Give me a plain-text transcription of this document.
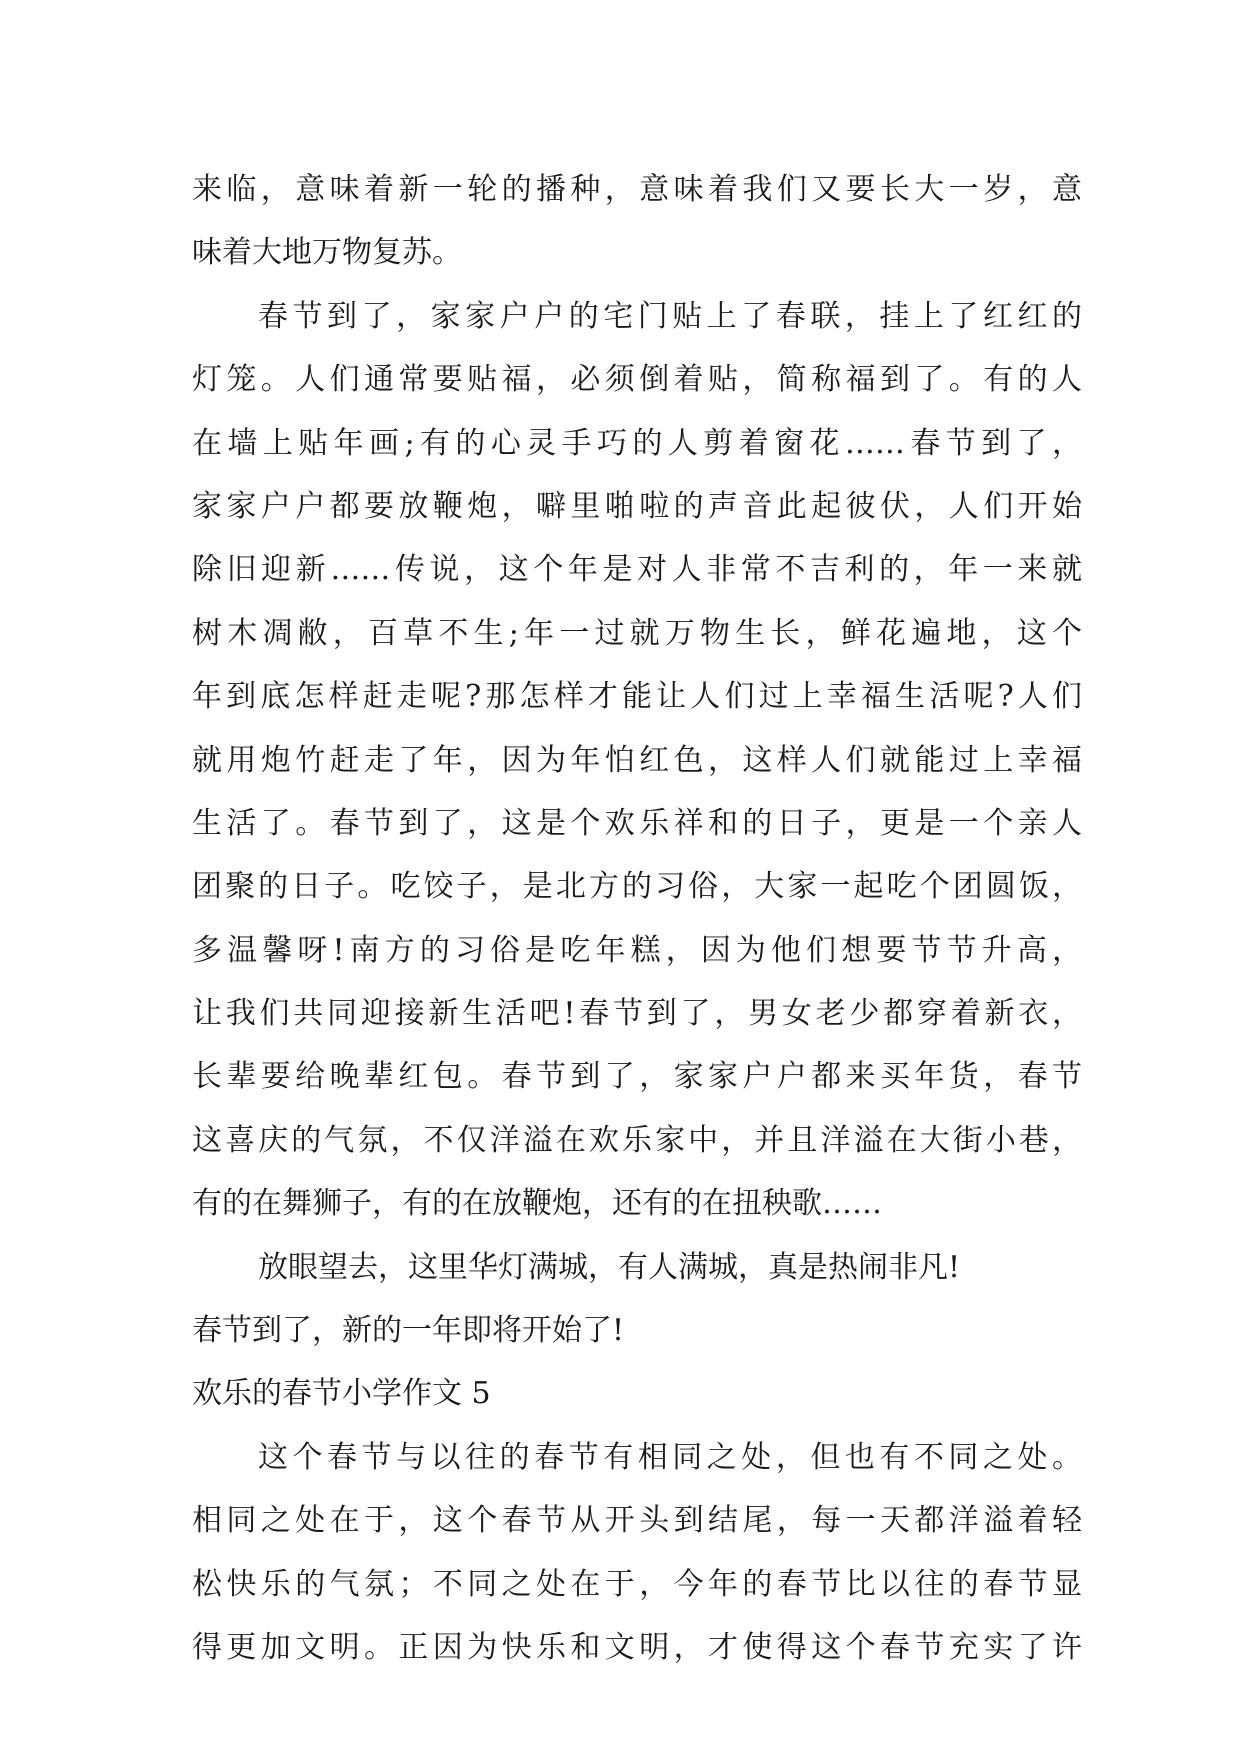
来临，意味着新一轮的播种，意味着我们又要长大一岁，意
味着大地万物复苏。
春节到了，家家户户的宅门贴上了春联，挂上了红红的
灯笼。人们通常要贴福，必须倒着贴，简称福到了。有的人
在墙上贴年画;有的心灵手巧的人剪着窗花……春节到了，
家家户户都要放鞭炮，噼里啪啦的声音此起彼伏，人们开始
除旧迎新……传说，这个年是对人非常不吉利的，年一来就
树木凋敝，百草不生;年一过就万物生长，鲜花遍地，这个
年到底怎样赶走呢?那怎样才能让人们过上幸福生活呢?人们
就用炮竹赶走了年，因为年怕红色，这样人们就能过上幸福
生活了。春节到了，这是个欢乐祥和的日子，更是一个亲人
团聚的日子。吃饺子，是北方的习俗，大家一起吃个团圆饭，
多温馨呀!南方的习俗是吃年糕，因为他们想要节节升高，
让我们共同迎接新生活吧!春节到了，男女老少都穿着新衣，
长辈要给晚辈红包。春节到了，家家户户都来买年货，春节
这喜庆的气氛，不仅洋溢在欢乐家中，并且洋溢在大街小巷，
有的在舞狮子，有的在放鞭炮，还有的在扭秧歌……
放眼望去，这里华灯满城，有人满城，真是热闹非凡!
春节到了，新的一年即将开始了!
欢乐的春节小学作文 5
这个春节与以往的春节有相同之处，但也有不同之处。
相同之处在于，这个春节从开头到结尾，每一天都洋溢着轻
松快乐的气氛；不同之处在于，今年的春节比以往的春节显
得更加文明。正因为快乐和文明，才使得这个春节充实了许
